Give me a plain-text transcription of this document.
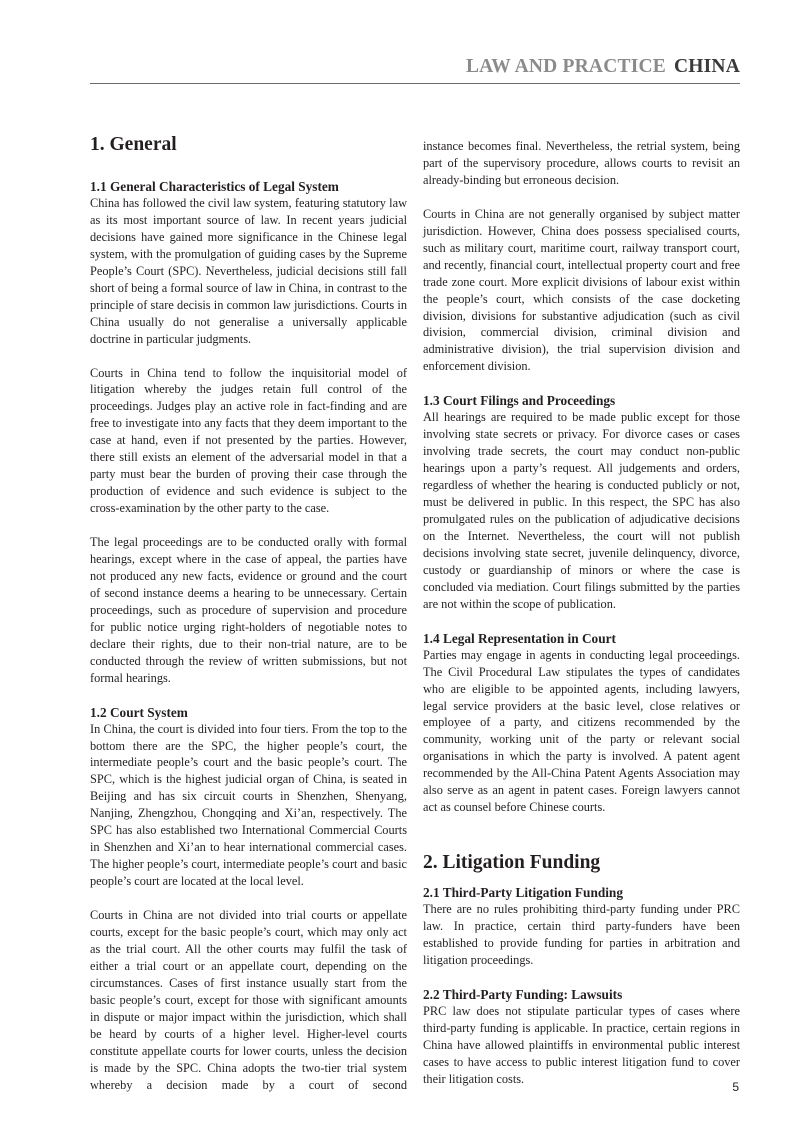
LAW AND PRACTICE CHINA
1. General
1.1 General Characteristics of Legal System

China has followed the civil law system, featuring statutory law as its most important source of law. In recent years judicial decisions have gained more significance in the Chinese legal system, with the promulgation of guiding cases by the Supreme People’s Court (SPC). Nevertheless, judicial decisions still fall short of being a formal source of law in China, in contrast to the principle of stare decisis in common law jurisdictions. Courts in China usually do not generalise a universally applicable doctrine in particular judgments.

Courts in China tend to follow the inquisitorial model of litigation whereby the judges retain full control of the proceedings. Judges play an active role in fact-finding and are free to investigate into any facts that they deem important to the case at hand, even if not presented by the parties. However, there still exists an element of the adversarial model in that a party must bear the burden of proving their case through the production of evidence and such evidence is subject to the cross-examination by the other party to the case.

The legal proceedings are to be conducted orally with formal hearings, except where in the case of appeal, the parties have not produced any new facts, evidence or ground and the court of second instance deems a hearing to be unnecessary. Certain proceedings, such as procedure of supervision and procedure for public notice urging right-holders of negotiable notes to declare their rights, due to their non-trial nature, are to be conducted through the review of written submissions, but not formal hearings.

1.2 Court System

In China, the court is divided into four tiers. From the top to the bottom there are the SPC, the higher people’s court, the intermediate people’s court and the basic people’s court. The SPC, which is the highest judicial organ of China, is seated in Beijing and has six circuit courts in Shenzhen, Shenyang, Nanjing, Zhengzhou, Chongqing and Xi’an, respectively. The SPC has also established two International Commercial Courts in Shenzhen and Xi’an to hear international commercial cases. The higher people’s court, intermediate people’s court and basic people’s court are located at the local level.

Courts in China are not divided into trial courts or appellate courts, except for the basic people’s court, which may only act as the trial court. All the other courts may fulfil the task of either a trial court or an appellate court, depending on the circumstances. Cases of first instance usually start from the basic people’s court, except for those with significant amounts in dispute or major impact within the jurisdiction, which shall be heard by courts of a higher level. Higher-level courts constitute appellate courts for lower courts, unless the decision is made by the SPC. China adopts the two-tier trial system whereby a decision made by a court of second

instance becomes final. Nevertheless, the retrial system, being part of the supervisory procedure, allows courts to revisit an already-binding but erroneous decision.

Courts in China are not generally organised by subject matter jurisdiction. However, China does possess specialised courts, such as military court, maritime court, railway transport court, and recently, financial court, intellectual property court and free trade zone court. More explicit divisions of labour exist within the people’s court, which consists of the case docketing division, divisions for substantive adjudication (such as civil division, commercial division, criminal division and administrative division), the trial supervision division and enforcement division.

1.3 Court Filings and Proceedings

All hearings are required to be made public except for those involving state secrets or privacy. For divorce cases or cases involving trade secrets, the court may conduct non-public hearings upon a party’s request. All judgements and orders, regardless of whether the hearing is conducted publicly or not, must be delivered in public. In this respect, the SPC has also promulgated rules on the publication of adjudicative decisions on the Internet. Nevertheless, the court will not publish decisions involving state secret, juvenile delinquency, divorce, custody or guardianship of minors or where the case is concluded via mediation. Court filings submitted by the parties are not within the scope of publication.

1.4 Legal Representation in Court

Parties may engage in agents in conducting legal proceedings. The Civil Procedural Law stipulates the types of candidates who are eligible to be appointed agents, including lawyers, legal service providers at the basic level, close relatives or employee of a party, and citizens recommended by the community, working unit of the party or relevant social organisations in which the party is involved. A patent agent recommended by the All-China Patent Agents Association may also serve as an agent in patent cases. Foreign lawyers cannot act as counsel before Chinese courts.

2. Litigation Funding
2.1 Third-Party Litigation Funding

There are no rules prohibiting third-party funding under PRC law. In practice, certain third party-funders have been established to provide funding for parties in arbitration and litigation proceedings.

2.2 Third-Party Funding: Lawsuits

PRC law does not stipulate particular types of cases where third-party funding is applicable. In practice, certain regions in China have allowed plaintiffs in environmental public interest cases to have access to public interest litigation fund to cover their litigation costs.

5
